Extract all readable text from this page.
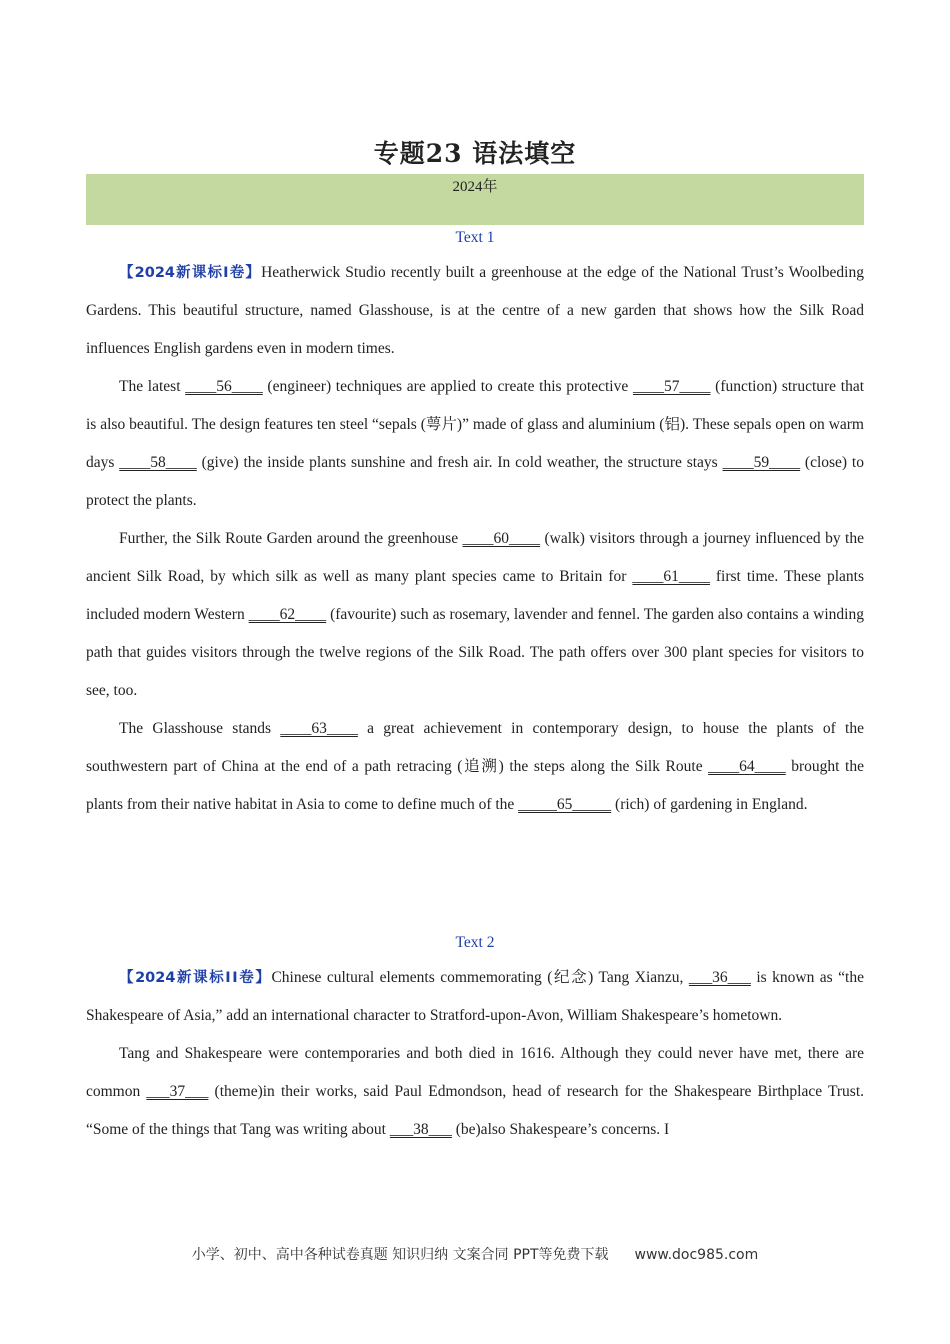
专题23 语法填空
2024年
Text 1

【2024新课标Ⅰ卷】Heatherwick Studio recently built a greenhouse at the edge of the National Trust’s Woolbeding Gardens. This beautiful structure, named Glasshouse, is at the centre of a new garden that shows how the Silk Road influences English gardens even in modern times.

The latest ____56____ (engineer) techniques are applied to create this protective ____57____ (function) structure that is also beautiful. The design features ten steel “sepals (萼片)” made of glass and aluminium (铝). These sepals open on warm days ____58____ (give) the inside plants sunshine and fresh air. In cold weather, the structure stays ____59____ (close) to protect the plants.

Further, the Silk Route Garden around the greenhouse ____60____ (walk) visitors through a journey influenced by the ancient Silk Road, by which silk as well as many plant species came to Britain for ____61____ first time. These plants included modern Western ____62____ (favourite) such as rosemary, lavender and fennel. The garden also contains a winding path that guides visitors through the twelve regions of the Silk Road. The path offers over 300 plant species for visitors to see, too.

The Glasshouse stands ____63____ a great achievement in contemporary design, to house the plants of the southwestern part of China at the end of a path retracing (追溯) the steps along the Silk Route ____64____ brought the plants from their native habitat in Asia to come to define much of the _____65_____ (rich) of gardening in England.

Text 2

【2024新课标ⅠⅠ卷】Chinese cultural elements commemorating (纪念) Tang Xianzu, ___36___ is known as “the Shakespeare of Asia,” add an international character to Stratford-upon-Avon, William Shakespeare’s hometown.

Tang and Shakespeare were contemporaries and both died in 1616. Although they could never have met, there are common ___37___ (theme)in their works, said Paul Edmondson, head of research for the Shakespeare Birthplace Trust. “Some of the things that Tang was writing about ___38___ (be)also Shakespeare’s concerns. I

小学、初中、高中各种试卷真题 知识归纳 文案合同 PPT等免费下载 www.doc985.com
